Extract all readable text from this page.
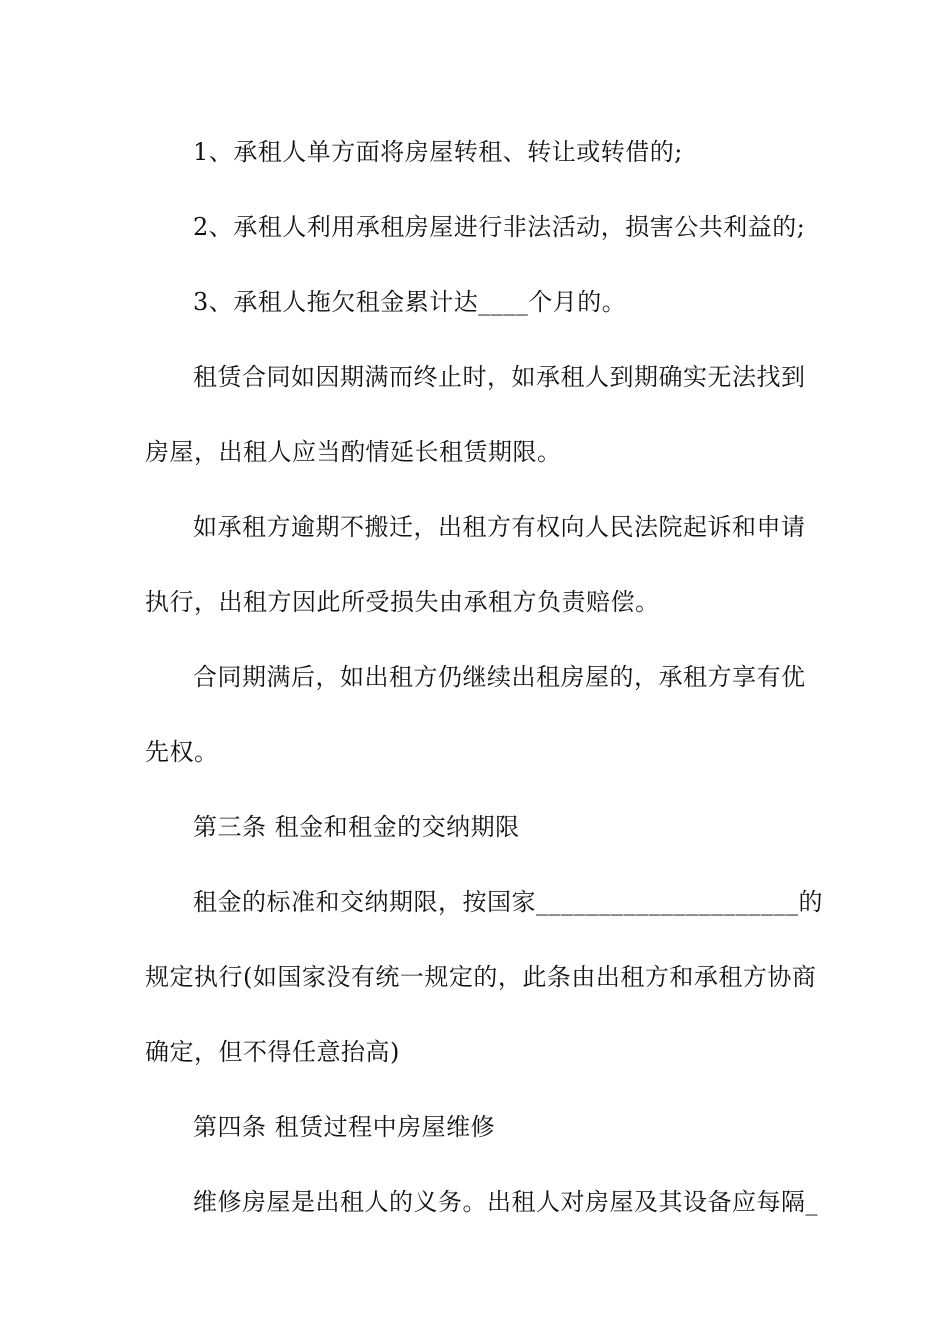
1、承租人单方面将房屋转租、转让或转借的;
2、承租人利用承租房屋进行非法活动，损害公共利益的;
3、承租人拖欠租金累计达____个月的。
租赁合同如因期满而终止时，如承租人到期确实无法找到
房屋，出租人应当酌情延长租赁期限。
如承租方逾期不搬迁，出租方有权向人民法院起诉和申请
执行，出租方因此所受损失由承租方负责赔偿。
合同期满后，如出租方仍继续出租房屋的，承租方享有优
先权。
第三条 租金和租金的交纳期限
租金的标准和交纳期限，按国家_____________________的
规定执行(如国家没有统一规定的，此条由出租方和承租方协商
确定，但不得任意抬高)
第四条 租赁过程中房屋维修
维修房屋是出租人的义务。出租人对房屋及其设备应每隔_
